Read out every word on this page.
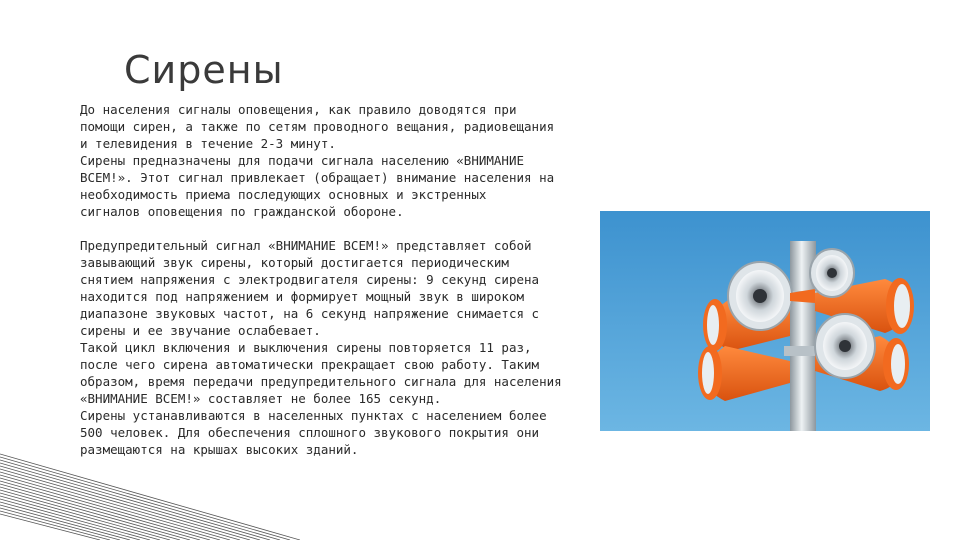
Сирены

До населения сигналы оповещения, как правило доводятся при
помощи сирен, а также по сетям проводного вещания, радиовещания
и телевидения в течение 2-3 минут.

Сирены предназначены для подачи сигнала населению «ВНИМАНИЕ
ВСЕМ!». Этот сигнал привлекает (обращает) внимание населения на
необходимость приема последующих основных и экстренных
сигналов оповещения по гражданской обороне.

Предупредительный сигнал «ВНИМАНИЕ ВСЕМ!» представляет собой
завывающий звук сирены, который достигается периодическим
снятием напряжения с электродвигателя сирены: 9 секунд сирена
находится под напряжением и формирует мощный звук в широком
диапазоне звуковых частот, на 6 секунд напряжение снимается с
сирены и ее звучание ослабевает.

Такой цикл включения и выключения сирены повторяется 11 раз,
после чего сирена автоматически прекращает свою работу. Таким
образом, время передачи предупредительного сигнала для населения
«ВНИМАНИЕ ВСЕМ!» составляет не более 165 секунд.

Сирены устанавливаются в населенных пунктах с населением более
500 человек. Для обеспечения сплошного звукового покрытия они
размещаются на крышах высоких зданий.
